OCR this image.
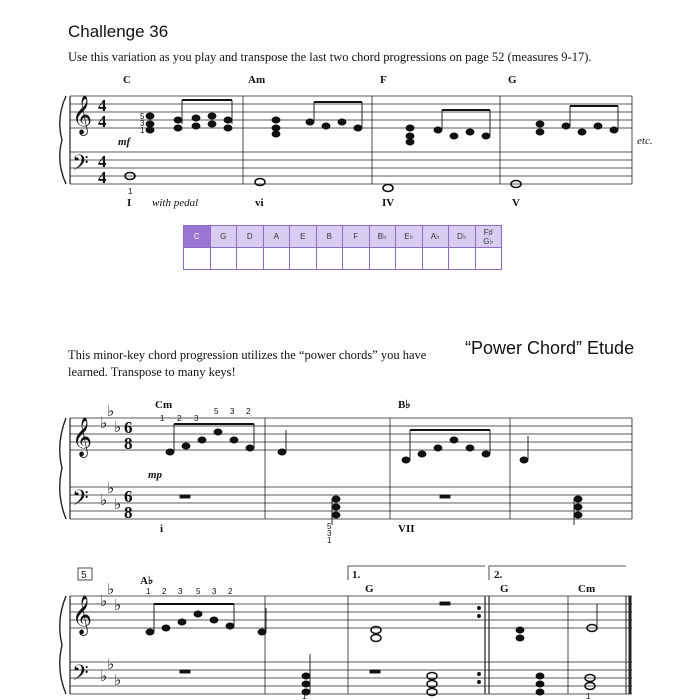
Challenge 36
Use this variation as you play and transpose the last two chord progressions on page 52 (measures 9-17).
C	G	D	A	E	B	F	B♭	E♭	A♭	D♭	F♯
G♭

This minor-key chord progression utilizes the “power chords” you have learned. Transpose to many keys!
“Power Chord” Etude
𝄞
𝄢
𝄞
𝄢
𝄞
𝄢
4
4
4
4
6
8
6
8
♭
♭
♭
♭
♭
♭
♭
♭
♭
♭
♭
♭
C	Am	F	G
5
3
1
mf	etc.
1
I with pedal	vi	IV	V
Cm	B♭
1 2 3
5 3 2
mp
5
3
1
i	VII
5	A♭	1.	2.
G	G	Cm
1 2 3 5 3 2
1	1
